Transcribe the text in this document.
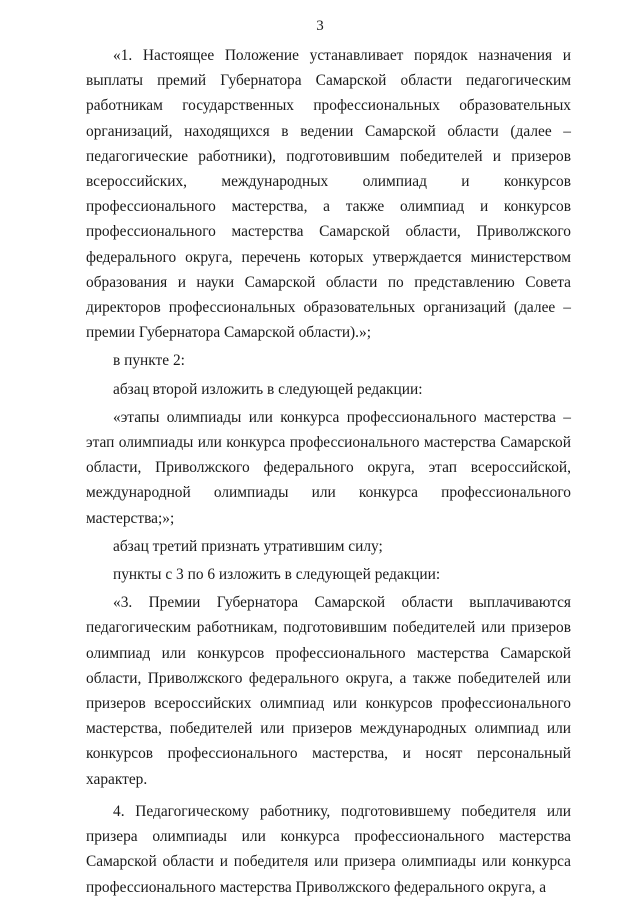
3

«1. Настоящее Положение устанавливает порядок назначения и выплаты премий Губернатора Самарской области педагогическим работникам государственных профессиональных образовательных организаций, находящихся в ведении Самарской области (далее – педагогические работники), подготовившим победителей и призеров всероссийских, международных олимпиад и конкурсов профессионального мастерства, а также олимпиад и конкурсов профессионального мастерства Самарской области, Приволжского федерального округа, перечень которых утверждается министерством образования и науки Самарской области по представлению Совета директоров профессиональных образовательных организаций (далее – премии Губернатора Самарской области).»;

в пункте 2:

абзац второй изложить в следующей редакции:

«этапы олимпиады или конкурса профессионального мастерства – этап олимпиады или конкурса профессионального мастерства Самарской области, Приволжского федерального округа, этап всероссийской, международной олимпиады или конкурса профессионального мастерства;»;

абзац третий признать утратившим силу;

пункты с 3 по 6 изложить в следующей редакции:

«3. Премии Губернатора Самарской области выплачиваются педагогическим работникам, подготовившим победителей или призеров олимпиад или конкурсов профессионального мастерства Самарской области, Приволжского федерального округа, а также победителей или призеров всероссийских олимпиад или конкурсов профессионального мастерства, победителей или призеров международных олимпиад или конкурсов профессионального мастерства, и носят персональный характер.

4. Педагогическому работнику, подготовившему победителя или призера олимпиады или конкурса профессионального мастерства Самарской области и победителя или призера олимпиады или конкурса профессионального мастерства Приволжского федерального округа, а
